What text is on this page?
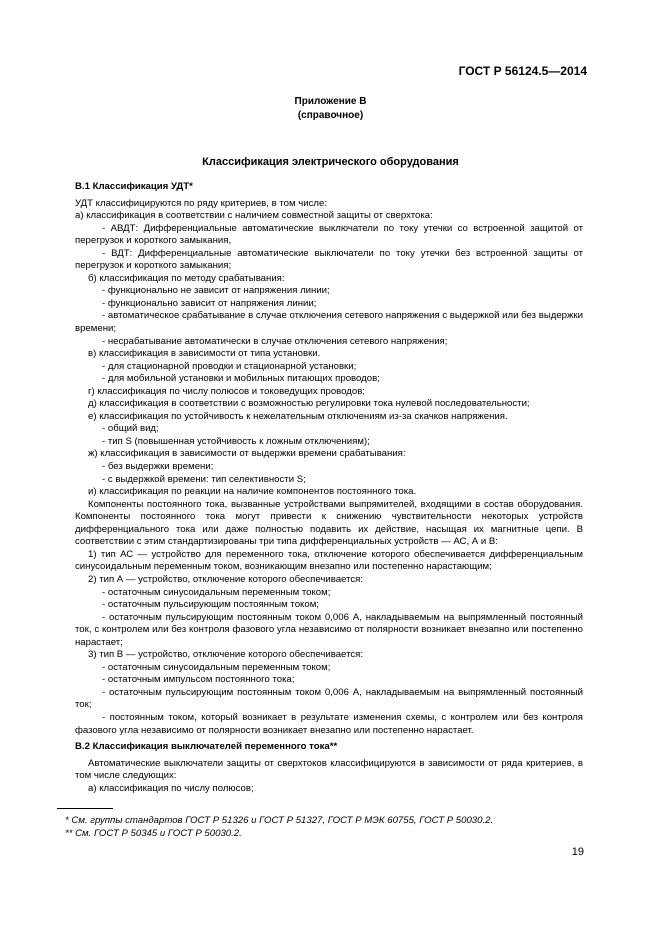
ГОСТ Р 56124.5—2014
Приложение В
(справочное)
Классификация электрического оборудования
В.1 Классификация УДТ*
УДТ классифицируются по ряду критериев, в том числе:
а) классификация в соответствии с наличием совместной защиты от сверхтока:
- АВДТ: Дифференциальные автоматические выключатели по току утечки со встроенной защитой от перегрузок и короткого замыкания,
- ВДТ: Дифференциальные автоматические выключатели по току утечки без встроенной защиты от перегрузок и короткого замыкания;
б) классификация по методу срабатывания:
- функционально не зависит от напряжения линии;
- функционально зависит от напряжения линии;
- автоматическое срабатывание в случае отключения сетевого напряжения с выдержкой или без выдержки времени;
- несрабатывание автоматически в случае отключения сетевого напряжения;
в) классификация в зависимости от типа установки.
- для стационарной проводки и стационарной установки;
- для мобильной установки и мобильных питающих проводов;
г) классификация по числу полюсов и токоведущих проводов;
д) классификация в соответствии с возможностью регулировки тока нулевой последовательности;
е) классификация по устойчивость к нежелательным отключениям из-за скачков напряжения.
- общий вид;
- тип S (повышенная устойчивость к ложным отключениям);
ж) классификация в зависимости от выдержки времени срабатывания:
- без выдержки времени;
- с выдержкой времени: тип селективности S;
и) классификация по реакции на наличие компонентов постоянного тока.
Компоненты постоянного тока, вызванные устройствами выпрямителей, входящими в состав оборудования. Компоненты постоянного тока могут привести к снижению чувствительности некоторых устройств дифференциального тока или даже полностью подавить их действие, насыщая их магнитные цепи. В соответствии с этим стандартизированы три типа дифференциальных устройств — АС, А и В:
1) тип АС — устройство для переменного тока, отключение которого обеспечивается дифференциальным синусоидальным переменным током, возникающим внезапно или постепенно нарастающим;
2) тип А — устройство, отключение которого обеспечивается:
- остаточным синусоидальным переменным током;
- остаточным пульсирующим постоянным током;
- остаточным пульсирующим постоянным током 0,006 А, накладываемым на выпрямленный постоянный ток, с контролем или без контроля фазового угла независимо от полярности возникает внезапно или постепенно нарастает;
3) тип В — устройство, отключение которого обеспечивается:
- остаточным синусоидальным переменным током;
- остаточным импульсом постоянного тока;
- остаточным пульсирующим постоянным током 0,006 А, накладываемым на выпрямленный постоянный ток;
- постоянным током, который возникает в результате изменения схемы, с контролем или без контроля фазового угла независимо от полярности возникает внезапно или постепенно нарастает.
В.2 Классификация выключателей переменного тока**
Автоматические выключатели защиты от сверхтоков классифицируются в зависимости от ряда критериев, в том числе следующих:
а) классификация по числу полюсов;
* См. группы стандартов ГОСТ Р 51326 и ГОСТ Р 51327, ГОСТ Р МЭК 60755, ГОСТ Р 50030.2.
** См. ГОСТ Р 50345 и ГОСТ Р 50030.2.
19
